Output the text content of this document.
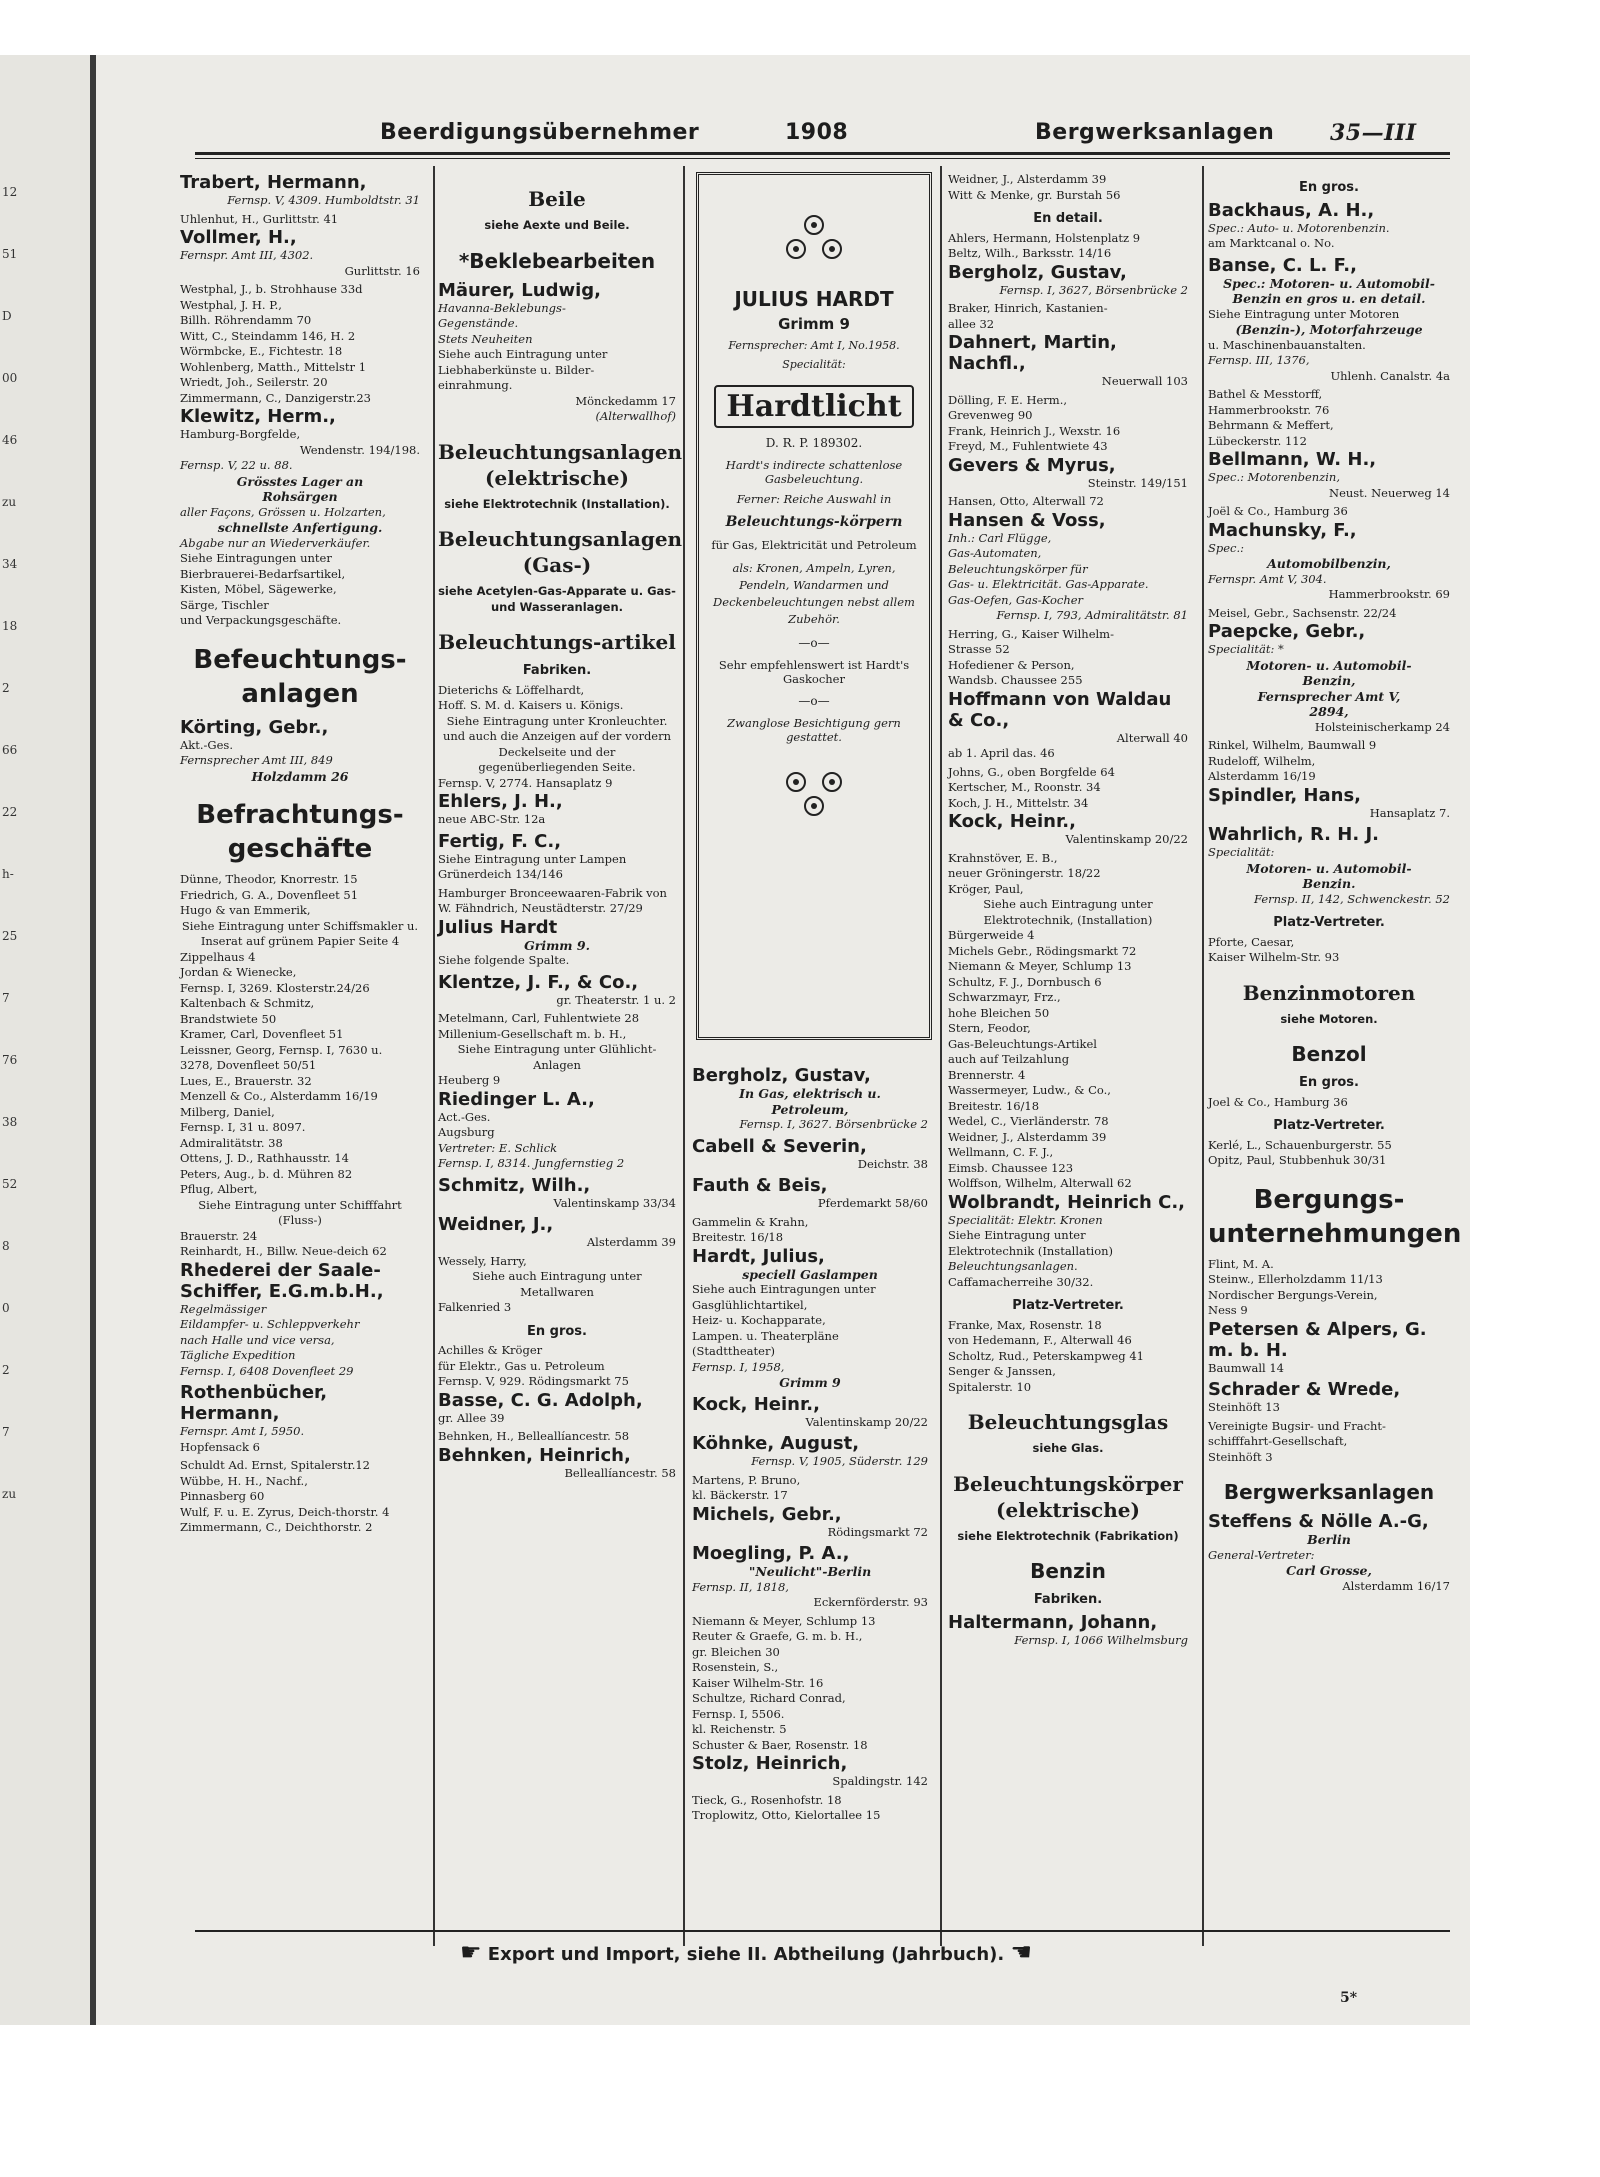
12
51
D
00
46
zu
34
18
2
66
22
h-
25
7
76
38
52
8
0
2
7
zu
Beerdigungsübernehmer	1908	Bergwerksanlagen	35—III
Trabert, Hermann,
Fernsp. V, 4309. Humboldtstr. 31
Uhlenhut, H., Gurlittstr. 41
Vollmer, H.,
Fernspr. Amt III, 4302.
Gurlittstr. 16
Westphal, J., b. Strohhause 33d
Westphal, J. H. P.,
Billh. Röhrendamm 70
Witt, C., Steindamm 146, H. 2
Wörmbcke, E., Fichtestr. 18
Wohlenberg, Matth., Mittelstr 1
Wriedt, Joh., Seilerstr. 20
Zimmermann, C., Danzigerstr.23
Klewitz, Herm.,
Hamburg-Borgfelde,
Wendenstr. 194/198.
Fernsp. V, 22 u. 88.
Grösstes Lager an
Rohsärgen
aller Façons, Grössen u. Holzarten,
schnellste Anfertigung.
Abgabe nur an Wiederverkäufer.
Siehe Eintragungen unter
Bierbrauerei-Bedarfsartikel,
Kisten, Möbel, Sägewerke,
Särge, Tischler
und Verpackungsgeschäfte.
Befeuchtungs-anlagen
Körting, Gebr.,
Akt.-Ges.
Fernsprecher Amt III, 849
Holzdamm 26
Befrachtungs-geschäfte
Dünne, Theodor, Knorrestr. 15
Friedrich, G. A., Dovenfleet 51
Hugo & van Emmerik,
Siehe Eintragung unter Schiffsmakler u. Inserat auf grünem Papier Seite 4
Zippelhaus 4
Jordan & Wienecke,
Fernsp. I, 3269. Klosterstr.24/26
Kaltenbach & Schmitz,
Brandstwiete 50
Kramer, Carl, Dovenfleet 51
Leissner, Georg, Fernsp. I, 7630 u.
3278, Dovenfleet 50/51
Lues, E., Brauerstr. 32
Menzell & Co., Alsterdamm 16/19
Milberg, Daniel,
Fernsp. I, 31 u. 8097.
Admiralitätstr. 38
Ottens, J. D., Rathhausstr. 14
Peters, Aug., b. d. Mühren 82
Pflug, Albert,
Siehe Eintragung unter Schifffahrt (Fluss-)
Brauerstr. 24
Reinhardt, H., Billw. Neue-deich 62
Rhederei der Saale-Schiffer, E.G.m.b.H.,
Regelmässiger
Eildampfer- u. Schleppverkehr
nach Halle und vice versa,
Tägliche Expedition
Fernsp. I, 6408 Dovenfleet 29
Rothenbücher, Hermann,
Fernspr. Amt I, 5950.
Hopfensack 6
Schuldt Ad. Ernst, Spitalerstr.12
Wübbe, H. H., Nachf.,
Pinnasberg 60
Wulf, F. u. E. Zyrus, Deich-thorstr. 4
Zimmermann, C., Deichthorstr. 2
Beile
siehe Aexte und Beile.
*Beklebearbeiten
Mäurer, Ludwig,
Havanna-Beklebungs-
Gegenstände.
Stets Neuheiten
Siehe auch Eintragung unter
Liebhaberkünste u. Bilder-
einrahmung.
Mönckedamm 17
(Alterwallhof)
Beleuchtungsanlagen (elektrische)
siehe Elektrotechnik (Installation).
Beleuchtungsanlagen (Gas-)
siehe Acetylen-Gas-Apparate u. Gas- und Wasseranlagen.
Beleuchtungs-artikel
Fabriken.
Dieterichs & Löffelhardt,
Hoff. S. M. d. Kaisers u. Königs.
Siehe Eintragung unter Kronleuchter.
und auch die Anzeigen auf der vordern Deckelseite und der gegenüberliegenden Seite.
Fernsp. V, 2774. Hansaplatz 9
Ehlers, J. H.,
neue ABC-Str. 12a
Fertig, F. C.,
Siehe Eintragung unter Lampen
Grünerdeich 134/146
Hamburger Bronceewaaren-Fabrik von W. Fähndrich, Neustädterstr. 27/29
Julius Hardt
Grimm 9.
Siehe folgende Spalte.
Klentze, J. F., & Co.,
gr. Theaterstr. 1 u. 2
Metelmann, Carl, Fuhlentwiete 28
Millenium-Gesellschaft m. b. H.,
Siehe Eintragung unter Glühlicht-Anlagen
Heuberg 9
Riedinger L. A.,
Act.-Ges.
Augsburg
Vertreter: E. Schlick
Fernsp. I, 8314. Jungfernstieg 2
Schmitz, Wilh.,
Valentinskamp 33/34
Weidner, J.,
Alsterdamm 39
Wessely, Harry,
Siehe auch Eintragung unter Metallwaren
Falkenried 3
En gros.
Achilles & Kröger
für Elektr., Gas u. Petroleum
Fernsp. V, 929. Rödingsmarkt 75
Basse, C. G. Adolph,
gr. Allee 39
Behnken, H., Belleallíancestr. 58
Behnken, Heinrich,
Belleallíancestr. 58

JULIUS HARDT
Grimm 9
Fernsprecher: Amt I, No.1958.
Specialität:
Hardtlicht
D. R. P. 189302.
Hardt's indirecte schattenlose Gasbeleuchtung.
Ferner: Reiche Auswahl in
Beleuchtungs-körpern
für Gas, Elektricität und Petroleum
als: Kronen, Ampeln, Lyren, Pendeln, Wandarmen und Deckenbeleuchtungen nebst allem Zubehör.
—o—
Sehr empfehlenswert ist Hardt's Gaskocher
—o—
Zwanglose Besichtigung gern gestattet.

Bergholz, Gustav,
In Gas, elektrisch u.
Petroleum,
Fernsp. I, 3627. Börsenbrücke 2
Cabell & Severin,
Deichstr. 38
Fauth & Beis,
Pferdemarkt 58/60
Gammelin & Krahn,
Breitestr. 16/18
Hardt, Julius,
speciell Gaslampen
Siehe auch Eintragungen unter
Gasglühlichtartikel,
Heiz- u. Kochapparate,
Lampen. u. Theaterpläne
(Stadttheater)
Fernsp. I, 1958,
Grimm 9
Kock, Heinr.,
Valentinskamp 20/22
Köhnke, August,
Fernsp. V, 1905, Süderstr. 129
Martens, P. Bruno,
kl. Bäckerstr. 17
Michels, Gebr.,
Rödingsmarkt 72
Moegling, P. A.,
"Neulicht"-Berlin
Fernsp. II, 1818,
Eckernförderstr. 93
Niemann & Meyer, Schlump 13
Reuter & Graefe, G. m. b. H.,
gr. Bleichen 30
Rosenstein, S.,
Kaiser Wilhelm-Str. 16
Schultze, Richard Conrad,
Fernsp. I, 5506.
kl. Reichenstr. 5
Schuster & Baer, Rosenstr. 18
Stolz, Heinrich,
Spaldingstr. 142
Tieck, G., Rosenhofstr. 18
Troplowitz, Otto, Kielortallee 15
Weidner, J., Alsterdamm 39
Witt & Menke, gr. Burstah 56
En detail.
Ahlers, Hermann, Holstenplatz 9
Beltz, Wilh., Barksstr. 14/16
Bergholz, Gustav,
Fernsp. I, 3627, Börsenbrücke 2
Braker, Hinrich, Kastanien-
allee 32
Dahnert, Martin, Nachfl.,
Neuerwall 103
Dölling, F. E. Herm.,
Grevenweg 90
Frank, Heinrich J., Wexstr. 16
Freyd, M., Fuhlentwiete 43
Gevers & Myrus,
Steinstr. 149/151
Hansen, Otto, Alterwall 72
Hansen & Voss,
Inh.: Carl Flügge,
Gas-Automaten,
Beleuchtungskörper für
Gas- u. Elektricität. Gas-Apparate.
Gas-Oefen, Gas-Kocher
Fernsp. I, 793, Admiralitätstr. 81
Herring, G., Kaiser Wilhelm-
Strasse 52
Hofediener & Person,
Wandsb. Chaussee 255
Hoffmann von Waldau & Co.,
Alterwall 40
ab 1. April das. 46
Johns, G., oben Borgfelde 64
Kertscher, M., Roonstr. 34
Koch, J. H., Mittelstr. 34
Kock, Heinr.,
Valentinskamp 20/22
Krahnstöver, E. B.,
neuer Gröningerstr. 18/22
Kröger, Paul,
Siehe auch Eintragung unter Elektrotechnik, (Installation)
Bürgerweide 4
Michels Gebr., Rödingsmarkt 72
Niemann & Meyer, Schlump 13
Schultz, F. J., Dornbusch 6
Schwarzmayr, Frz.,
hohe Bleichen 50
Stern, Feodor,
Gas-Beleuchtungs-Artikel
auch auf Teilzahlung
Brennerstr. 4
Wassermeyer, Ludw., & Co.,
Breitestr. 16/18
Wedel, C., Vierländerstr. 78
Weidner, J., Alsterdamm 39
Wellmann, C. F. J.,
Eimsb. Chaussee 123
Wolffson, Wilhelm, Alterwall 62
Wolbrandt, Heinrich C.,
Specialität: Elektr. Kronen
Siehe Eintragung unter
Elektrotechnik (Installation)
Beleuchtungsanlagen.
Caffamacherreihe 30/32.
Platz-Vertreter.
Franke, Max, Rosenstr. 18
von Hedemann, F., Alterwall 46
Scholtz, Rud., Peterskampweg 41
Senger & Janssen,
Spitalerstr. 10
Beleuchtungsglas
siehe Glas.
Beleuchtungskörper (elektrische)
siehe Elektrotechnik (Fabrikation)
Benzin
Fabriken.
Haltermann, Johann,
Fernsp. I, 1066 Wilhelmsburg
En gros.
Backhaus, A. H.,
Spec.: Auto- u. Motorenbenzin.
am Marktcanal o. No.
Banse, C. L. F.,
Spec.: Motoren- u. Automobil-
Benzin en gros u. en detail.
Siehe Eintragung unter Motoren
(Benzin-), Motorfahrzeuge
u. Maschinenbauanstalten.
Fernsp. III, 1376,
Uhlenh. Canalstr. 4a
Bathel & Messtorff,
Hammerbrookstr. 76
Behrmann & Meffert,
Lübeckerstr. 112
Bellmann, W. H.,
Spec.: Motorenbenzin,
Neust. Neuerweg 14
Joël & Co., Hamburg 36
Machunsky, F.,
Spec.:
Automobilbenzin,
Fernspr. Amt V, 304.
Hammerbrookstr. 69
Meisel, Gebr., Sachsenstr. 22/24
Paepcke, Gebr.,
Specialität: *
Motoren- u. Automobil-
Benzin,
Fernsprecher Amt V,
2894,
Holsteinischerkamp 24
Rinkel, Wilhelm, Baumwall 9
Rudeloff, Wilhelm,
Alsterdamm 16/19
Spindler, Hans,
Hansaplatz 7.
Wahrlich, R. H. J.
Specialität:
Motoren- u. Automobil-
Benzin.
Fernsp. II, 142, Schwenckestr. 52
Platz-Vertreter.
Pforte, Caesar,
Kaiser Wilhelm-Str. 93
Benzinmotoren
siehe Motoren.
Benzol
En gros.
Joel & Co., Hamburg 36
Platz-Vertreter.
Kerlé, L., Schauenburgerstr. 55
Opitz, Paul, Stubbenhuk 30/31
Bergungs-unternehmungen
Flint, M. A.
Steinw., Ellerholzdamm 11/13
Nordischer Bergungs-Verein,
Ness 9
Petersen & Alpers, G. m. b. H.
Baumwall 14
Schrader & Wrede,
Steinhöft 13
Vereinigte Bugsir- und Fracht-schifffahrt-Gesellschaft,
Steinhöft 3
Bergwerksanlagen
Steffens & Nölle A.-G,
Berlin
General-Vertreter:
Carl Grosse,
Alsterdamm 16/17
☛ Export und Import, siehe II. Abtheilung (Jahrbuch). ☚
5*
